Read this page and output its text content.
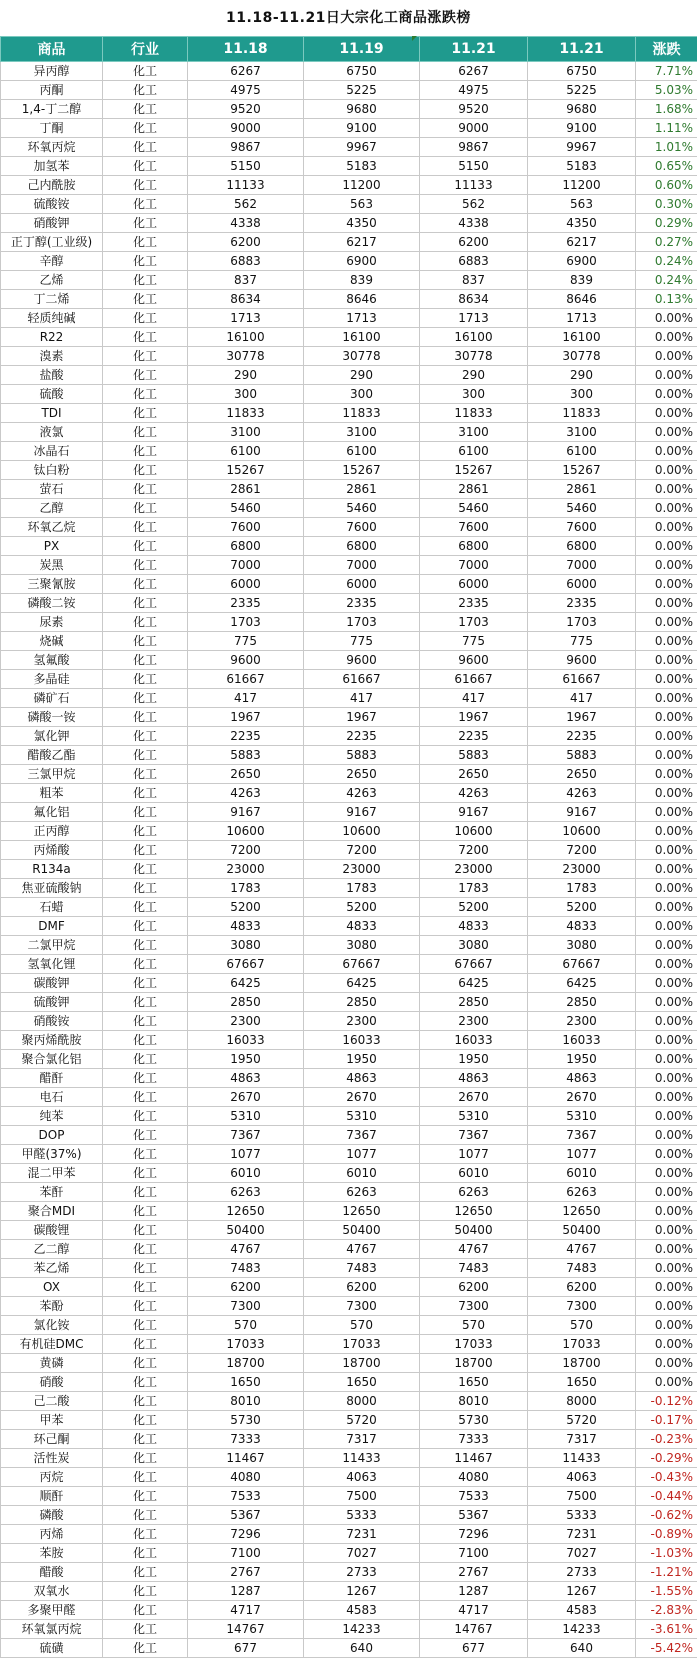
11.18-11.21日大宗化工商品涨跌榜
商品	行业	11.18	11.19	11.21	11.21	涨跌
异丙醇	化工	6267	6750	6267	6750	7.71%
丙酮	化工	4975	5225	4975	5225	5.03%
1,4-丁二醇	化工	9520	9680	9520	9680	1.68%
丁酮	化工	9000	9100	9000	9100	1.11%
环氧丙烷	化工	9867	9967	9867	9967	1.01%
加氢苯	化工	5150	5183	5150	5183	0.65%
己内酰胺	化工	11133	11200	11133	11200	0.60%
硫酸铵	化工	562	563	562	563	0.30%
硝酸钾	化工	4338	4350	4338	4350	0.29%
正丁醇(工业级)	化工	6200	6217	6200	6217	0.27%
辛醇	化工	6883	6900	6883	6900	0.24%
乙烯	化工	837	839	837	839	0.24%
丁二烯	化工	8634	8646	8634	8646	0.13%
轻质纯碱	化工	1713	1713	1713	1713	0.00%
R22	化工	16100	16100	16100	16100	0.00%
溴素	化工	30778	30778	30778	30778	0.00%
盐酸	化工	290	290	290	290	0.00%
硫酸	化工	300	300	300	300	0.00%
TDI	化工	11833	11833	11833	11833	0.00%
液氯	化工	3100	3100	3100	3100	0.00%
冰晶石	化工	6100	6100	6100	6100	0.00%
钛白粉	化工	15267	15267	15267	15267	0.00%
萤石	化工	2861	2861	2861	2861	0.00%
乙醇	化工	5460	5460	5460	5460	0.00%
环氧乙烷	化工	7600	7600	7600	7600	0.00%
PX	化工	6800	6800	6800	6800	0.00%
炭黑	化工	7000	7000	7000	7000	0.00%
三聚氰胺	化工	6000	6000	6000	6000	0.00%
磷酸二铵	化工	2335	2335	2335	2335	0.00%
尿素	化工	1703	1703	1703	1703	0.00%
烧碱	化工	775	775	775	775	0.00%
氢氟酸	化工	9600	9600	9600	9600	0.00%
多晶硅	化工	61667	61667	61667	61667	0.00%
磷矿石	化工	417	417	417	417	0.00%
磷酸一铵	化工	1967	1967	1967	1967	0.00%
氯化钾	化工	2235	2235	2235	2235	0.00%
醋酸乙酯	化工	5883	5883	5883	5883	0.00%
三氯甲烷	化工	2650	2650	2650	2650	0.00%
粗苯	化工	4263	4263	4263	4263	0.00%
氟化铝	化工	9167	9167	9167	9167	0.00%
正丙醇	化工	10600	10600	10600	10600	0.00%
丙烯酸	化工	7200	7200	7200	7200	0.00%
R134a	化工	23000	23000	23000	23000	0.00%
焦亚硫酸钠	化工	1783	1783	1783	1783	0.00%
石蜡	化工	5200	5200	5200	5200	0.00%
DMF	化工	4833	4833	4833	4833	0.00%
二氯甲烷	化工	3080	3080	3080	3080	0.00%
氢氧化锂	化工	67667	67667	67667	67667	0.00%
碳酸钾	化工	6425	6425	6425	6425	0.00%
硫酸钾	化工	2850	2850	2850	2850	0.00%
硝酸铵	化工	2300	2300	2300	2300	0.00%
聚丙烯酰胺	化工	16033	16033	16033	16033	0.00%
聚合氯化铝	化工	1950	1950	1950	1950	0.00%
醋酐	化工	4863	4863	4863	4863	0.00%
电石	化工	2670	2670	2670	2670	0.00%
纯苯	化工	5310	5310	5310	5310	0.00%
DOP	化工	7367	7367	7367	7367	0.00%
甲醛(37%)	化工	1077	1077	1077	1077	0.00%
混二甲苯	化工	6010	6010	6010	6010	0.00%
苯酐	化工	6263	6263	6263	6263	0.00%
聚合MDI	化工	12650	12650	12650	12650	0.00%
碳酸锂	化工	50400	50400	50400	50400	0.00%
乙二醇	化工	4767	4767	4767	4767	0.00%
苯乙烯	化工	7483	7483	7483	7483	0.00%
OX	化工	6200	6200	6200	6200	0.00%
苯酚	化工	7300	7300	7300	7300	0.00%
氯化铵	化工	570	570	570	570	0.00%
有机硅DMC	化工	17033	17033	17033	17033	0.00%
黄磷	化工	18700	18700	18700	18700	0.00%
硝酸	化工	1650	1650	1650	1650	0.00%
己二酸	化工	8010	8000	8010	8000	-0.12%
甲苯	化工	5730	5720	5730	5720	-0.17%
环己酮	化工	7333	7317	7333	7317	-0.23%
活性炭	化工	11467	11433	11467	11433	-0.29%
丙烷	化工	4080	4063	4080	4063	-0.43%
顺酐	化工	7533	7500	7533	7500	-0.44%
磷酸	化工	5367	5333	5367	5333	-0.62%
丙烯	化工	7296	7231	7296	7231	-0.89%
苯胺	化工	7100	7027	7100	7027	-1.03%
醋酸	化工	2767	2733	2767	2733	-1.21%
双氧水	化工	1287	1267	1287	1267	-1.55%
多聚甲醛	化工	4717	4583	4717	4583	-2.83%
环氧氯丙烷	化工	14767	14233	14767	14233	-3.61%
硫磺	化工	677	640	677	640	-5.42%
